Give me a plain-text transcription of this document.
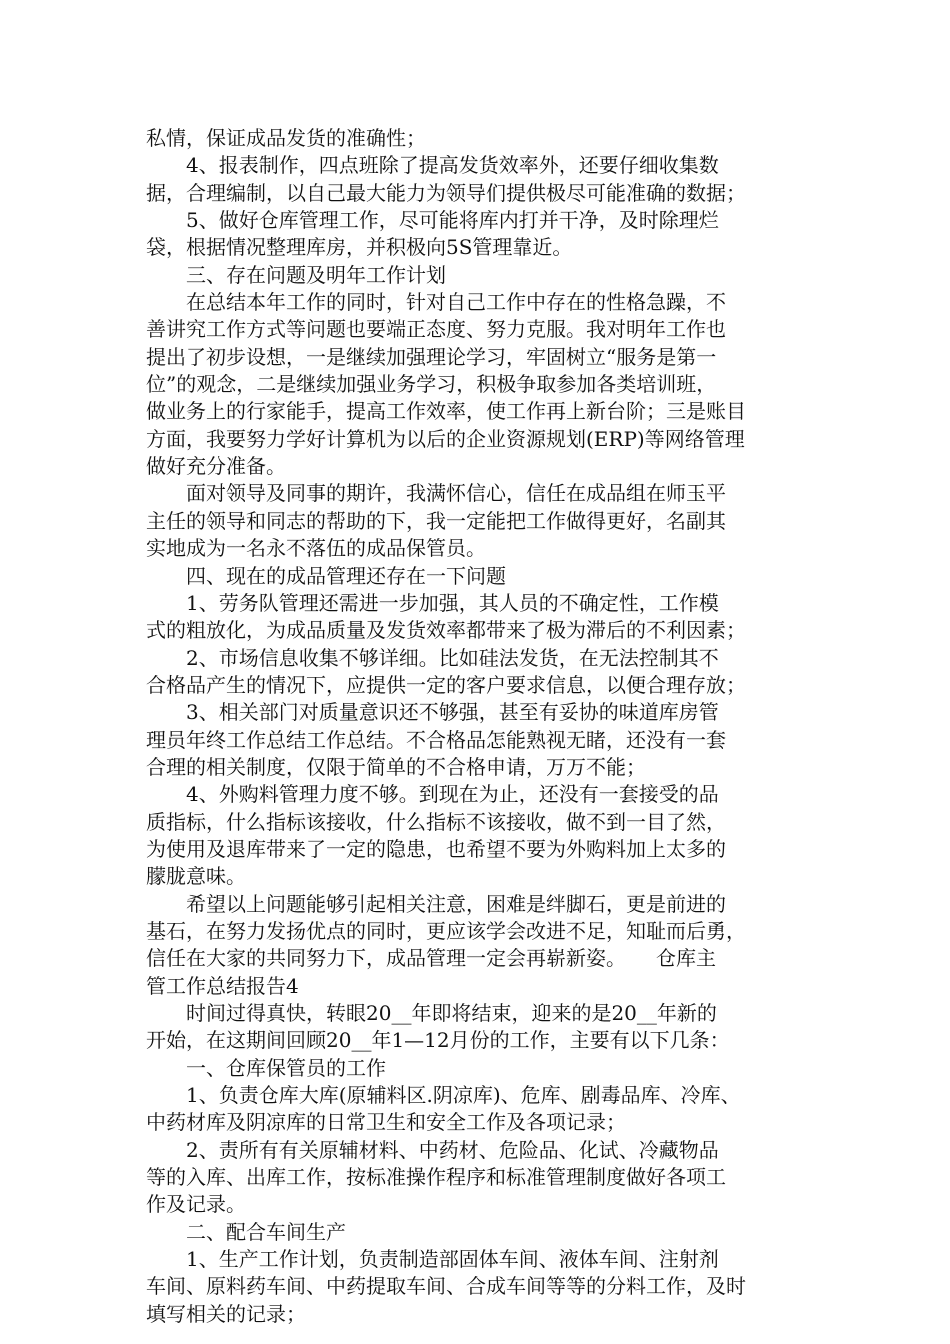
私情，保证成品发货的准确性；
　　4、报表制作，四点班除了提高发货效率外，还要仔细收集数
据，合理编制，以自己最大能力为领导们提供极尽可能准确的数据；
　　5、做好仓库管理工作，尽可能将库内打并干净，及时除理烂
袋，根据情况整理库房，并积极向5S管理靠近。
　　三、存在问题及明年工作计划
　　在总结本年工作的同时，针对自己工作中存在的性格急躁，不
善讲究工作方式等问题也要端正态度、努力克服。我对明年工作也
提出了初步设想，一是继续加强理论学习，牢固树立“服务是第一
位”的观念，二是继续加强业务学习，积极争取参加各类培训班，
做业务上的行家能手，提高工作效率，使工作再上新台阶；三是账目
方面，我要努力学好计算机为以后的企业资源规划(ERP)等网络管理
做好充分准备。
　　面对领导及同事的期许，我满怀信心，信任在成品组在师玉平
主任的领导和同志的帮助的下，我一定能把工作做得更好，名副其
实地成为一名永不落伍的成品保管员。
　　四、现在的成品管理还存在一下问题
　　1、劳务队管理还需进一步加强，其人员的不确定性，工作模
式的粗放化，为成品质量及发货效率都带来了极为滞后的不利因素；
　　2、市场信息收集不够详细。比如硅法发货，在无法控制其不
合格品产生的情况下，应提供一定的客户要求信息，以便合理存放；
　　3、相关部门对质量意识还不够强，甚至有妥协的味道库房管
理员年终工作总结工作总结。不合格品怎能熟视无睹，还没有一套
合理的相关制度，仅限于简单的不合格申请，万万不能；
　　4、外购料管理力度不够。到现在为止，还没有一套接受的品
质指标，什么指标该接收，什么指标不该接收，做不到一目了然，
为使用及退库带来了一定的隐患，也希望不要为外购料加上太多的
朦胧意味。
　　希望以上问题能够引起相关注意，困难是绊脚石，更是前进的
基石，在努力发扬优点的同时，更应该学会改进不足，知耻而后勇，
信任在大家的共同努力下，成品管理一定会再崭新姿。　　仓库主
管工作总结报告4
　　时间过得真快，转眼20__年即将结束，迎来的是20__年新的
开始，在这期间回顾20__年1—12月份的工作，主要有以下几条：
　　一、仓库保管员的工作
　　1、负责仓库大库(原辅料区.阴凉库)、危库、剧毒品库、冷库、
中药材库及阴凉库的日常卫生和安全工作及各项记录；
　　2、责所有有关原辅材料、中药材、危险品、化试、冷藏物品
等的入库、出库工作，按标准操作程序和标准管理制度做好各项工
作及记录。
　　二、配合车间生产
　　1、生产工作计划，负责制造部固体车间、液体车间、注射剂
车间、原料药车间、中药提取车间、合成车间等等的分料工作，及时
填写相关的记录；
